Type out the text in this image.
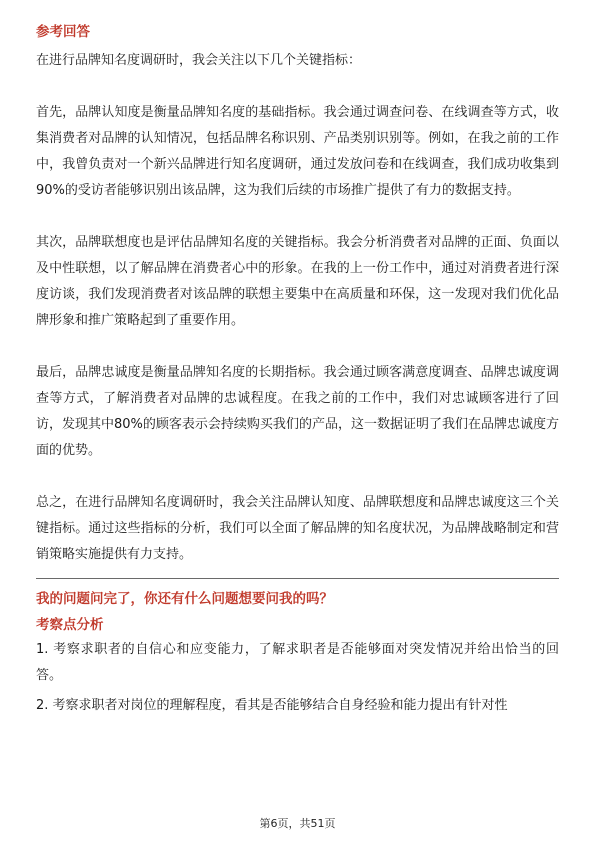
参考回答

在进行品牌知名度调研时，我会关注以下几个关键指标：

首先，品牌认知度是衡量品牌知名度的基础指标。我会通过调查问卷、在线调查等方式，收集消费者对品牌的认知情况，包括品牌名称识别、产品类别识别等。例如，在我之前的工作中，我曾负责对一个新兴品牌进行知名度调研，通过发放问卷和在线调查，我们成功收集到90%的受访者能够识别出该品牌，这为我们后续的市场推广提供了有力的数据支持。

其次，品牌联想度也是评估品牌知名度的关键指标。我会分析消费者对品牌的正面、负面以及中性联想，以了解品牌在消费者心中的形象。在我的上一份工作中，通过对消费者进行深度访谈，我们发现消费者对该品牌的联想主要集中在高质量和环保，这一发现对我们优化品牌形象和推广策略起到了重要作用。

最后，品牌忠诚度是衡量品牌知名度的长期指标。我会通过顾客满意度调查、品牌忠诚度调查等方式，了解消费者对品牌的忠诚程度。在我之前的工作中，我们对忠诚顾客进行了回访，发现其中80%的顾客表示会持续购买我们的产品，这一数据证明了我们在品牌忠诚度方面的优势。

总之，在进行品牌知名度调研时，我会关注品牌认知度、品牌联想度和品牌忠诚度这三个关键指标。通过这些指标的分析，我们可以全面了解品牌的知名度状况，为品牌战略制定和营销策略实施提供有力支持。

我的问题问完了，你还有什么问题想要问我的吗？

考察点分析

1. 考察求职者的自信心和应变能力，了解求职者是否能够面对突发情况并给出恰当的回答。

2. 考察求职者对岗位的理解程度，看其是否能够结合自身经验和能力提出有针对性

第6页，共51页
